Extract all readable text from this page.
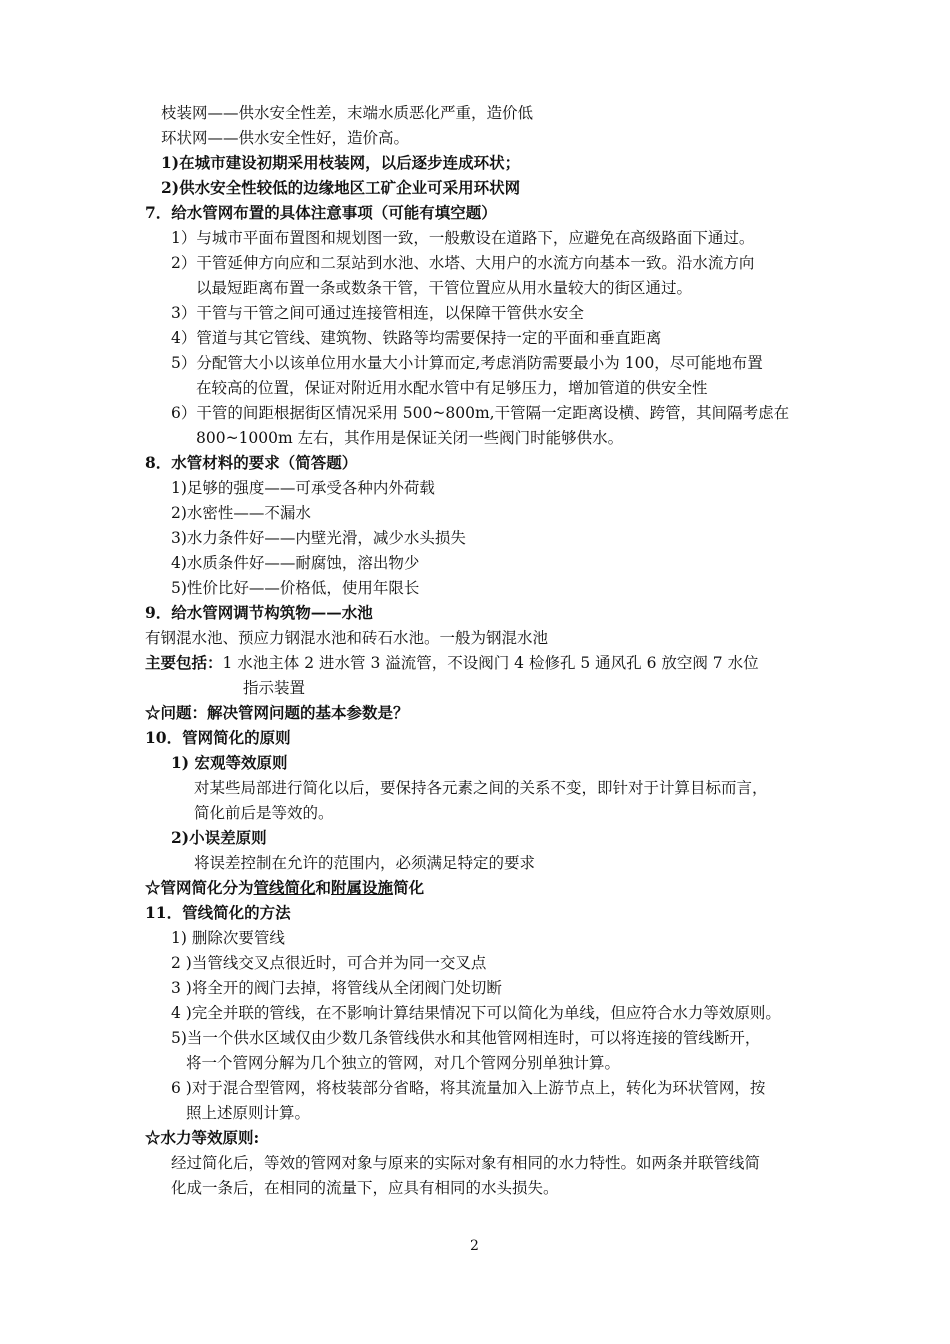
枝装网——供水安全性差，末端水质恶化严重，造价低
环状网——供水安全性好，造价高。
1)在城市建设初期采用枝装网，以后逐步连成环状；
2)供水安全性较低的边缘地区工矿企业可采用环状网
7．给水管网布置的具体注意事项（可能有填空题）
1）与城市平面布置图和规划图一致，一般敷设在道路下，应避免在高级路面下通过。
2）干管延伸方向应和二泵站到水池、水塔、大用户的水流方向基本一致。沿水流方向
以最短距离布置一条或数条干管，干管位置应从用水量较大的街区通过。
3）干管与干管之间可通过连接管相连，以保障干管供水安全
4）管道与其它管线、建筑物、铁路等均需要保持一定的平面和垂直距离
5）分配管大小以该单位用水量大小计算而定,考虑消防需要最小为 100，尽可能地布置
在较高的位置，保证对附近用水配水管中有足够压力，增加管道的供安全性
6）干管的间距根据街区情况采用 500~800m,干管隔一定距离设横、跨管，其间隔考虑在
800~1000m 左右，其作用是保证关闭一些阀门时能够供水。
8．水管材料的要求（简答题）
1)足够的强度——可承受各种内外荷载
2)水密性——不漏水
3)水力条件好——内壁光滑，减少水头损失
4)水质条件好——耐腐蚀，溶出物少
5)性价比好——价格低，使用年限长
9．给水管网调节构筑物——水池
有钢混水池、预应力钢混水池和砖石水池。一般为钢混水池
主要包括：1 水池主体 2 进水管 3 溢流管，不设阀门 4 检修孔 5 通风孔 6 放空阀 7 水位
指示装置
☆问题：解决管网问题的基本参数是？
10．管网简化的原则
1) 宏观等效原则
对某些局部进行简化以后，要保持各元素之间的关系不变，即针对于计算目标而言，
简化前后是等效的。
2)小误差原则
将误差控制在允许的范围内，必须满足特定的要求
☆管网简化分为管线简化和附属设施简化
11．管线简化的方法
1) 删除次要管线
2 )当管线交叉点很近时，可合并为同一交叉点
3 )将全开的阀门去掉，将管线从全闭阀门处切断
4 )完全并联的管线，在不影响计算结果情况下可以简化为单线，但应符合水力等效原则。
5)当一个供水区域仅由少数几条管线供水和其他管网相连时，可以将连接的管线断开，
将一个管网分解为几个独立的管网，对几个管网分别单独计算。
6 )对于混合型管网，将枝装部分省略，将其流量加入上游节点上，转化为环状管网，按
照上述原则计算。
☆水力等效原则:
经过简化后，等效的管网对象与原来的实际对象有相同的水力特性。如两条并联管线简
化成一条后，在相同的流量下，应具有相同的水头损失。
2
